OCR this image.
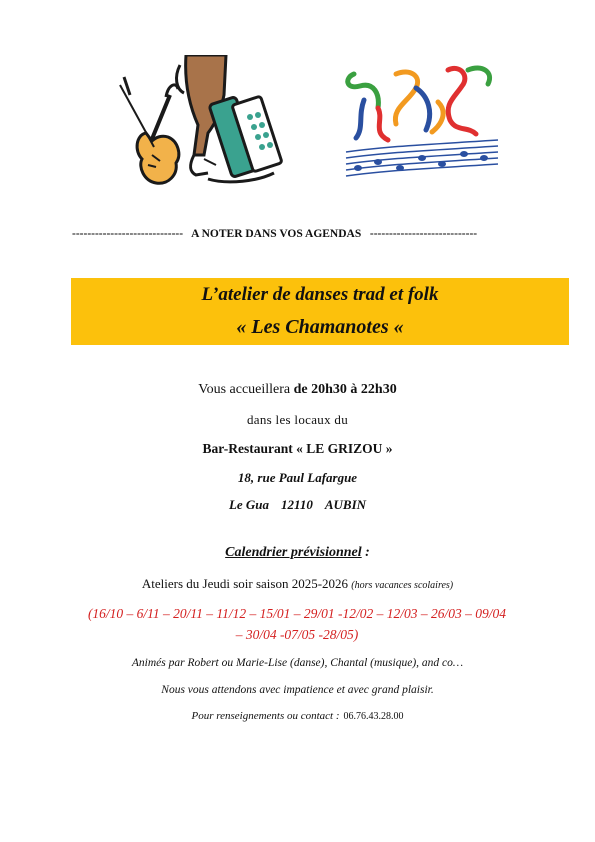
----------------------------- A NOTER DANS VOS AGENDAS ----------------------------
L’atelier de danses trad et folk
« Les Chamanotes «
Vous accueillera de 20h30 à 22h30
dans les locaux du
Bar-Restaurant « LE GRIZOU »
18, rue Paul Lafargue
Le Gua 12110 AUBIN
Calendrier prévisionnel :
Ateliers du Jeudi soir saison 2025-2026 (hors vacances scolaires)
(16/10 – 6/11 – 20/11 – 11/12 – 15/01 – 29/01 -12/02 – 12/03 – 26/03 – 09/04
– 30/04 -07/05 -28/05)
Animés par Robert ou Marie-Lise (danse), Chantal (musique), and co…
Nous vous attendons avec impatience et avec grand plaisir.
Pour renseignements ou contact : 06.76.43.28.00
